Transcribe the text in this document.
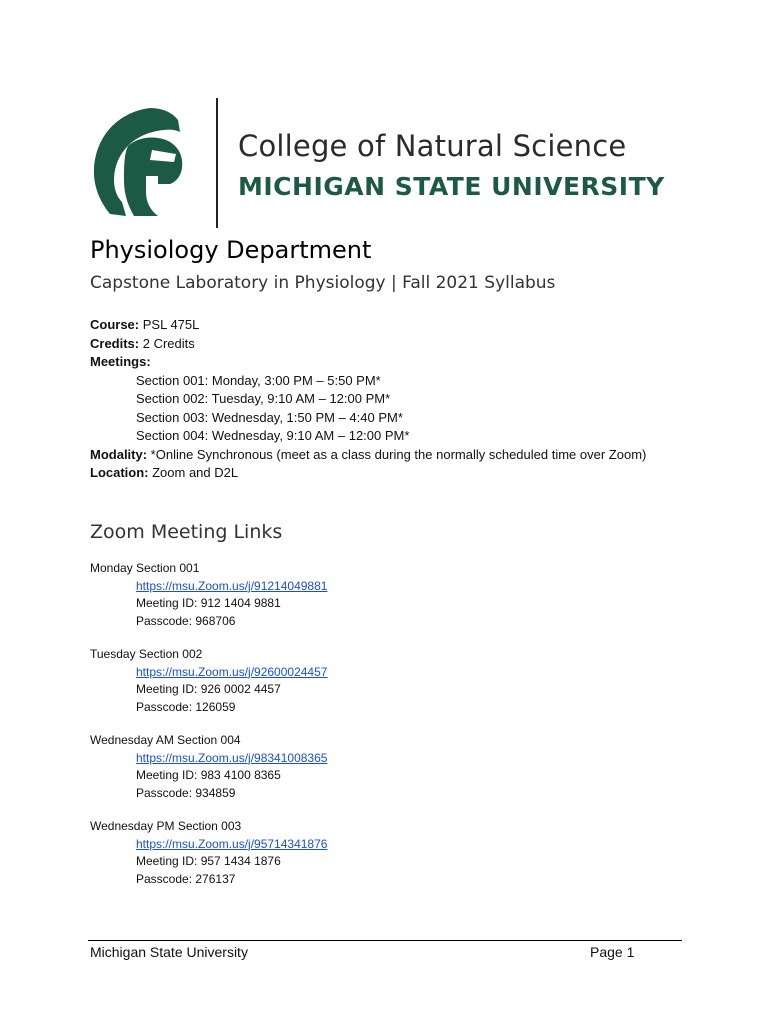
College of Natural Science
MICHIGAN STATE UNIVERSITY
Physiology Department
Capstone Laboratory in Physiology | Fall 2021 Syllabus
Course: PSL 475L
Credits: 2 Credits
Meetings:
Section 001: Monday, 3:00 PM – 5:50 PM*
Section 002: Tuesday, 9:10 AM – 12:00 PM*
Section 003: Wednesday, 1:50 PM – 4:40 PM*
Section 004: Wednesday, 9:10 AM – 12:00 PM*
Modality: *Online Synchronous (meet as a class during the normally scheduled time over Zoom)
Location: Zoom and D2L
Zoom Meeting Links
Monday Section 001
https://msu.Zoom.us/j/91214049881
Meeting ID: 912 1404 9881
Passcode: 968706
Tuesday Section 002
https://msu.Zoom.us/j/92600024457
Meeting ID: 926 0002 4457
Passcode: 126059
Wednesday AM Section 004
https://msu.Zoom.us/j/98341008365
Meeting ID: 983 4100 8365
Passcode: 934859
Wednesday PM Section 003
https://msu.Zoom.us/j/95714341876
Meeting ID: 957 1434 1876
Passcode: 276137
Michigan State University	Page 1
